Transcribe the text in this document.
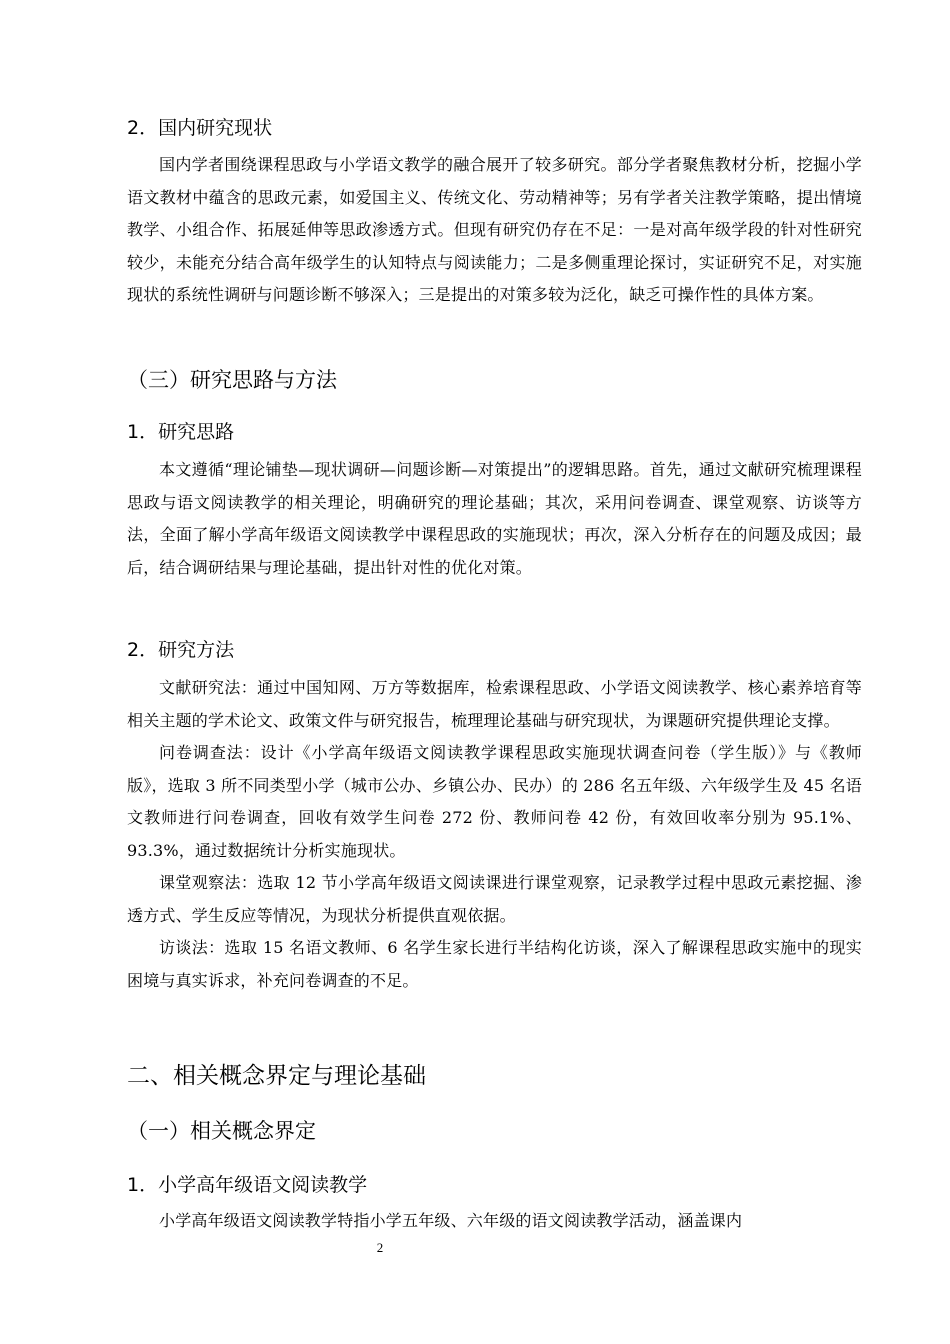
2．国内研究现状

国内学者围绕课程思政与小学语文教学的融合展开了较多研究。部分学者聚焦教材分析，挖掘小学语文教材中蕴含的思政元素，如爱国主义、传统文化、劳动精神等；另有学者关注教学策略，提出情境教学、小组合作、拓展延伸等思政渗透方式。但现有研究仍存在不足：一是对高年级学段的针对性研究较少，未能充分结合高年级学生的认知特点与阅读能力；二是多侧重理论探讨，实证研究不足，对实施现状的系统性调研与问题诊断不够深入；三是提出的对策多较为泛化，缺乏可操作性的具体方案。

（三）研究思路与方法

1．研究思路

本文遵循“理论铺垫—现状调研—问题诊断—对策提出”的逻辑思路。首先，通过文献研究梳理课程思政与语文阅读教学的相关理论，明确研究的理论基础；其次，采用问卷调查、课堂观察、访谈等方法，全面了解小学高年级语文阅读教学中课程思政的实施现状；再次，深入分析存在的问题及成因；最后，结合调研结果与理论基础，提出针对性的优化对策。

2．研究方法

文献研究法：通过中国知网、万方等数据库，检索课程思政、小学语文阅读教学、核心素养培育等相关主题的学术论文、政策文件与研究报告，梳理理论基础与研究现状，为课题研究提供理论支撑。

问卷调查法：设计《小学高年级语文阅读教学课程思政实施现状调查问卷（学生版）》与《教师版》，选取 3 所不同类型小学（城市公办、乡镇公办、民办）的 286 名五年级、六年级学生及 45 名语文教师进行问卷调查，回收有效学生问卷 272 份、教师问卷 42 份，有效回收率分别为 95.1%、93.3%，通过数据统计分析实施现状。

课堂观察法：选取 12 节小学高年级语文阅读课进行课堂观察，记录教学过程中思政元素挖掘、渗透方式、学生反应等情况，为现状分析提供直观依据。

访谈法：选取 15 名语文教师、6 名学生家长进行半结构化访谈，深入了解课程思政实施中的现实困境与真实诉求，补充问卷调查的不足。

二、相关概念界定与理论基础

（一）相关概念界定

1．小学高年级语文阅读教学

小学高年级语文阅读教学特指小学五年级、六年级的语文阅读教学活动，涵盖课内

2
